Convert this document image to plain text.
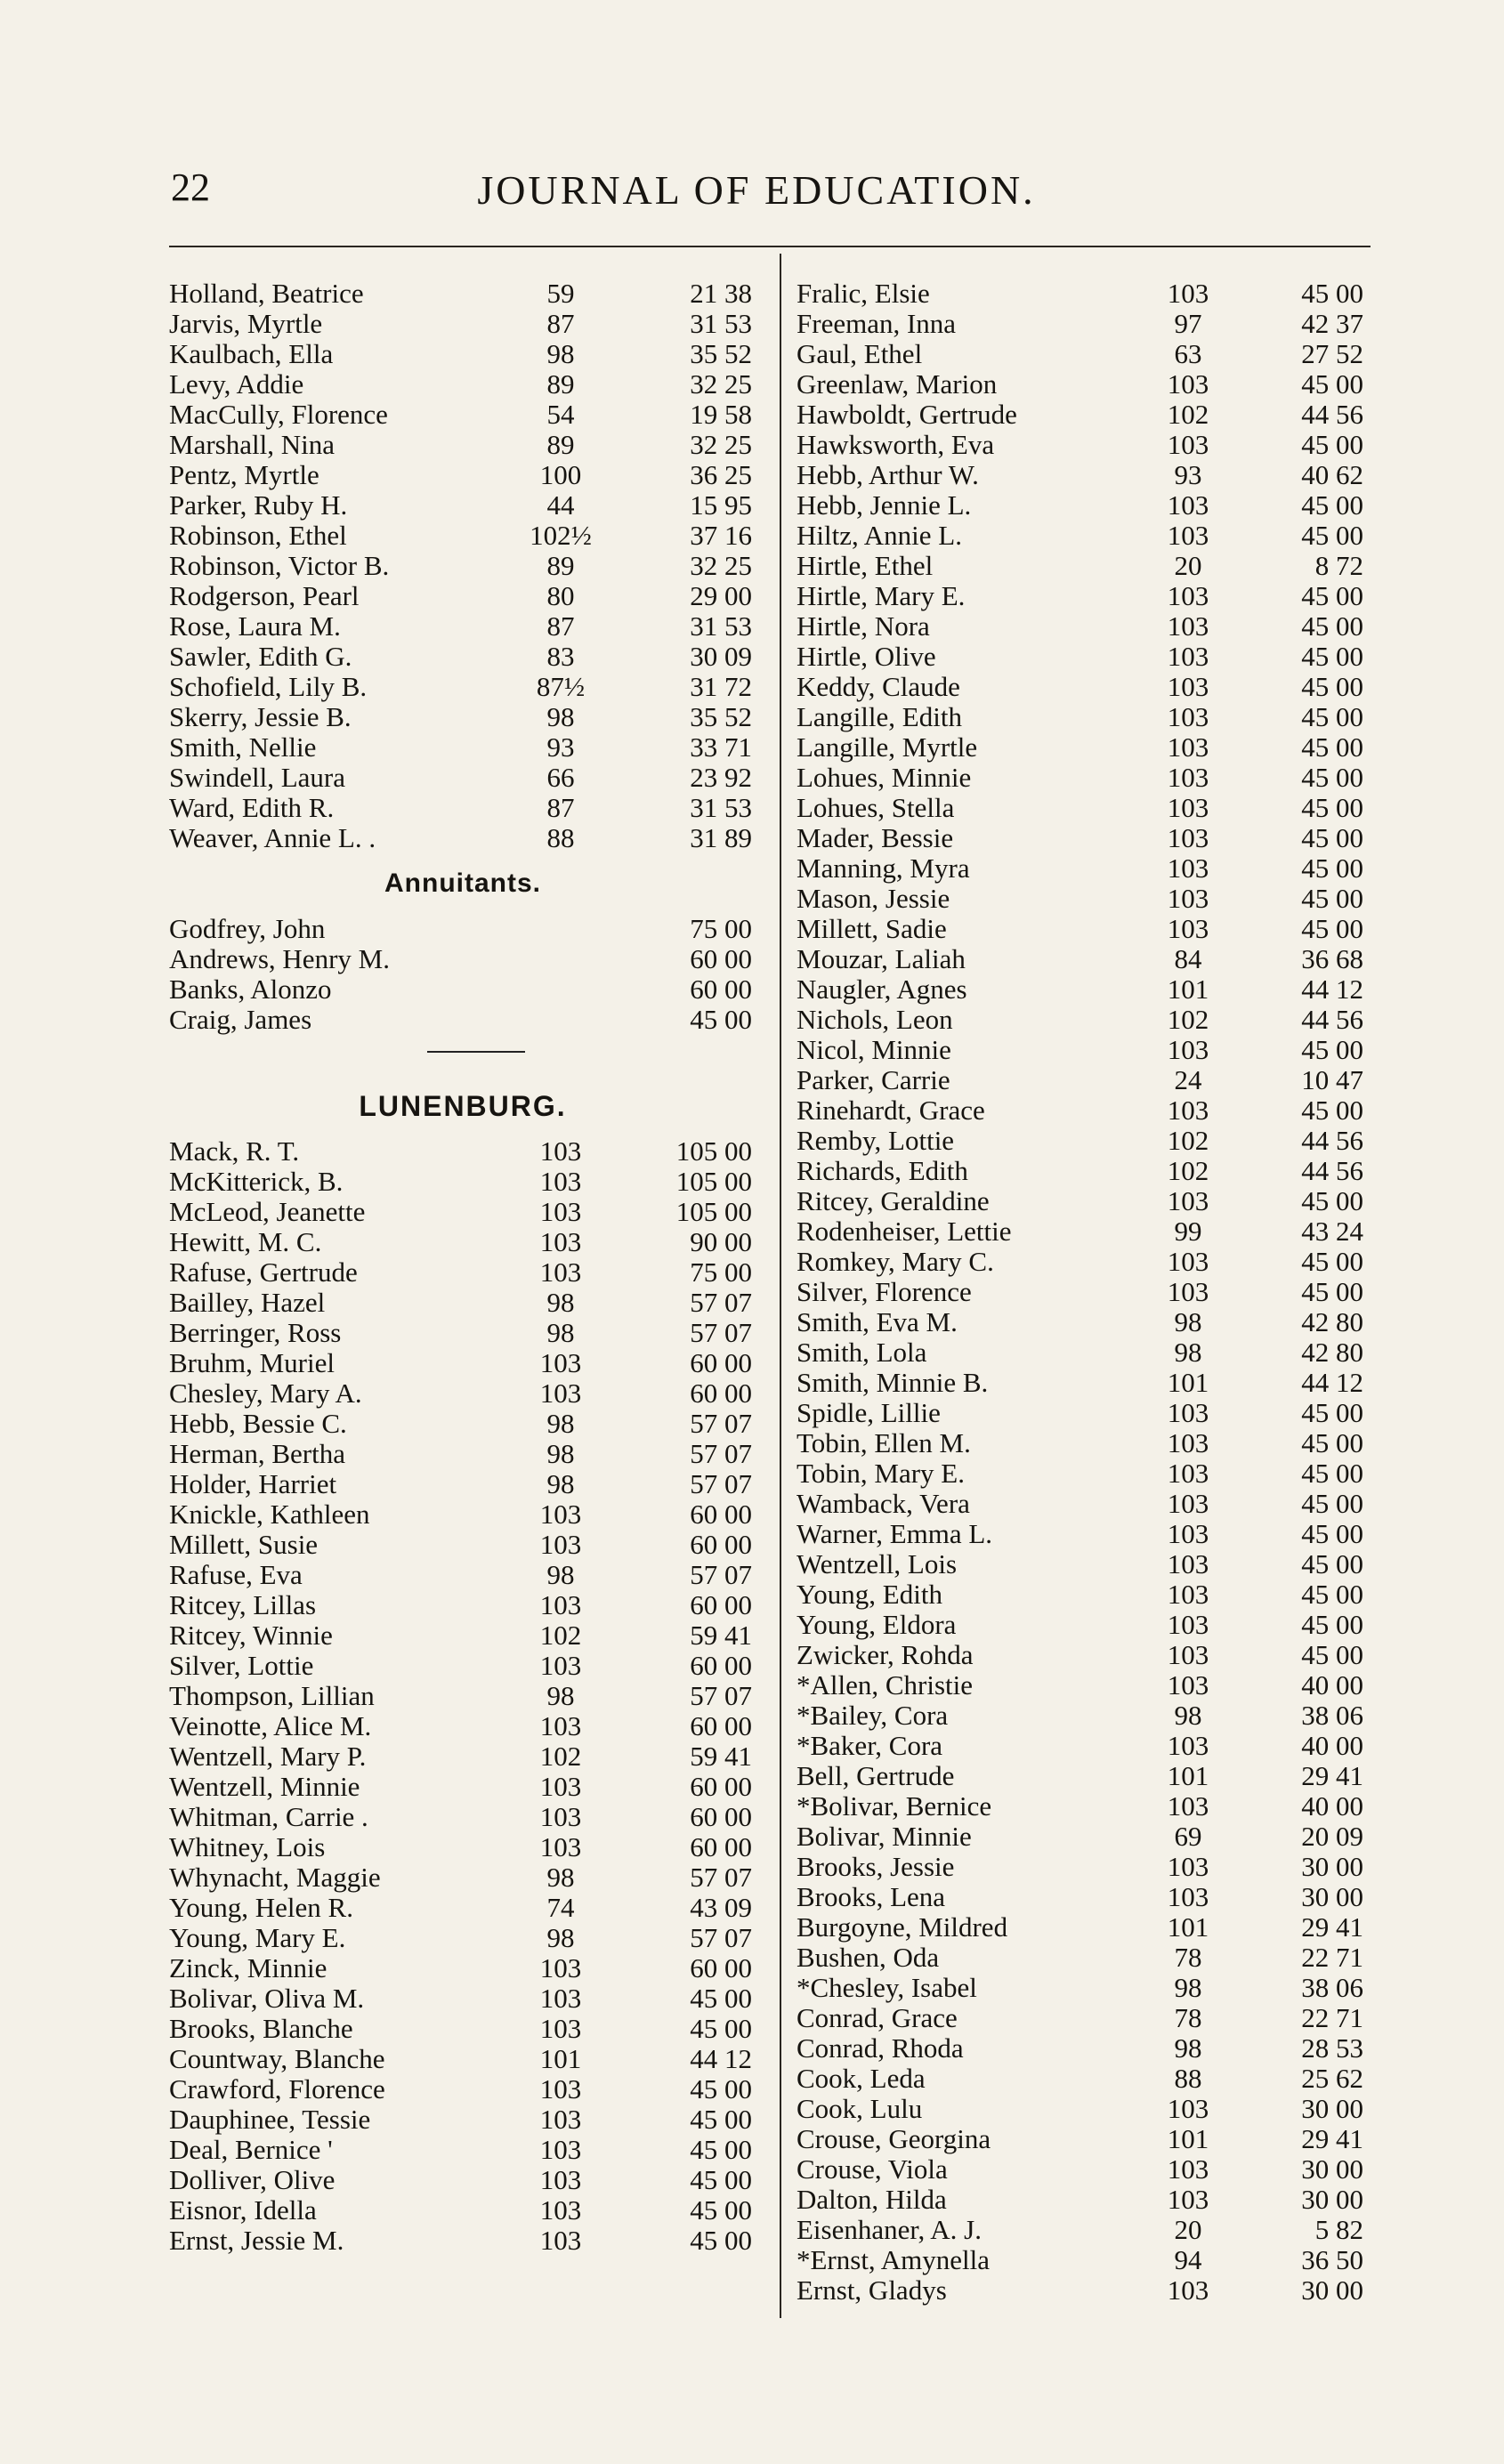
22	JOURNAL OF EDUCATION.
Holland, Beatrice	59	21 38
Jarvis, Myrtle	87	31 53
Kaulbach, Ella	98	35 52
Levy, Addie	89	32 25
MacCully, Florence	54	19 58
Marshall, Nina	89	32 25
Pentz, Myrtle	100	36 25
Parker, Ruby H.	44	15 95
Robinson, Ethel	102½	37 16
Robinson, Victor B.	89	32 25
Rodgerson, Pearl	80	29 00
Rose, Laura M.	87	31 53
Sawler, Edith G.	83	30 09
Schofield, Lily B.	87½	31 72
Skerry, Jessie B.	98	35 52
Smith, Nellie	93	33 71
Swindell, Laura	66	23 92
Ward, Edith R.	87	31 53
Weaver, Annie L. .	88	31 89
Annuitants.
Godfrey, John	75 00
Andrews, Henry M.	60 00
Banks, Alonzo	60 00
Craig, James	45 00
LUNENBURG.
Mack, R. T.	103	105 00
McKitterick, B.	103	105 00
McLeod, Jeanette	103	105 00
Hewitt, M. C.	103	90 00
Rafuse, Gertrude	103	75 00
Bailley, Hazel	98	57 07
Berringer, Ross	98	57 07
Bruhm, Muriel	103	60 00
Chesley, Mary A.	103	60 00
Hebb, Bessie C.	98	57 07
Herman, Bertha	98	57 07
Holder, Harriet	98	57 07
Knickle, Kathleen	103	60 00
Millett, Susie	103	60 00
Rafuse, Eva	98	57 07
Ritcey, Lillas	103	60 00
Ritcey, Winnie	102	59 41
Silver, Lottie	103	60 00
Thompson, Lillian	98	57 07
Veinotte, Alice M.	103	60 00
Wentzell, Mary P.	102	59 41
Wentzell, Minnie	103	60 00
Whitman, Carrie .	103	60 00
Whitney, Lois	103	60 00
Whynacht, Maggie	98	57 07
Young, Helen R.	74	43 09
Young, Mary E.	98	57 07
Zinck, Minnie	103	60 00
Bolivar, Oliva M.	103	45 00
Brooks, Blanche	103	45 00
Countway, Blanche	101	44 12
Crawford, Florence	103	45 00
Dauphinee, Tessie	103	45 00
Deal, Bernice '	103	45 00
Dolliver, Olive	103	45 00
Eisnor, Idella	103	45 00
Ernst, Jessie M.	103	45 00
Fralic, Elsie	103	45 00
Freeman, Inna	97	42 37
Gaul, Ethel	63	27 52
Greenlaw, Marion	103	45 00
Hawboldt, Gertrude	102	44 56
Hawksworth, Eva	103	45 00
Hebb, Arthur W.	93	40 62
Hebb, Jennie L.	103	45 00
Hiltz, Annie L.	103	45 00
Hirtle, Ethel	20	8 72
Hirtle, Mary E.	103	45 00
Hirtle, Nora	103	45 00
Hirtle, Olive	103	45 00
Keddy, Claude	103	45 00
Langille, Edith	103	45 00
Langille, Myrtle	103	45 00
Lohues, Minnie	103	45 00
Lohues, Stella	103	45 00
Mader, Bessie	103	45 00
Manning, Myra	103	45 00
Mason, Jessie	103	45 00
Millett, Sadie	103	45 00
Mouzar, Laliah	84	36 68
Naugler, Agnes	101	44 12
Nichols, Leon	102	44 56
Nicol, Minnie	103	45 00
Parker, Carrie	24	10 47
Rinehardt, Grace	103	45 00
Remby, Lottie	102	44 56
Richards, Edith	102	44 56
Ritcey, Geraldine	103	45 00
Rodenheiser, Lettie	99	43 24
Romkey, Mary C.	103	45 00
Silver, Florence	103	45 00
Smith, Eva M.	98	42 80
Smith, Lola	98	42 80
Smith, Minnie B.	101	44 12
Spidle, Lillie	103	45 00
Tobin, Ellen M.	103	45 00
Tobin, Mary E.	103	45 00
Wamback, Vera	103	45 00
Warner, Emma L.	103	45 00
Wentzell, Lois	103	45 00
Young, Edith	103	45 00
Young, Eldora	103	45 00
Zwicker, Rohda	103	45 00
*Allen, Christie	103	40 00
*Bailey, Cora	98	38 06
*Baker, Cora	103	40 00
Bell, Gertrude	101	29 41
*Bolivar, Bernice	103	40 00
Bolivar, Minnie	69	20 09
Brooks, Jessie	103	30 00
Brooks, Lena	103	30 00
Burgoyne, Mildred	101	29 41
Bushen, Oda	78	22 71
*Chesley, Isabel	98	38 06
Conrad, Grace	78	22 71
Conrad, Rhoda	98	28 53
Cook, Leda	88	25 62
Cook, Lulu	103	30 00
Crouse, Georgina	101	29 41
Crouse, Viola	103	30 00
Dalton, Hilda	103	30 00
Eisenhaner, A. J.	20	5 82
*Ernst, Amynella	94	36 50
Ernst, Gladys	103	30 00
